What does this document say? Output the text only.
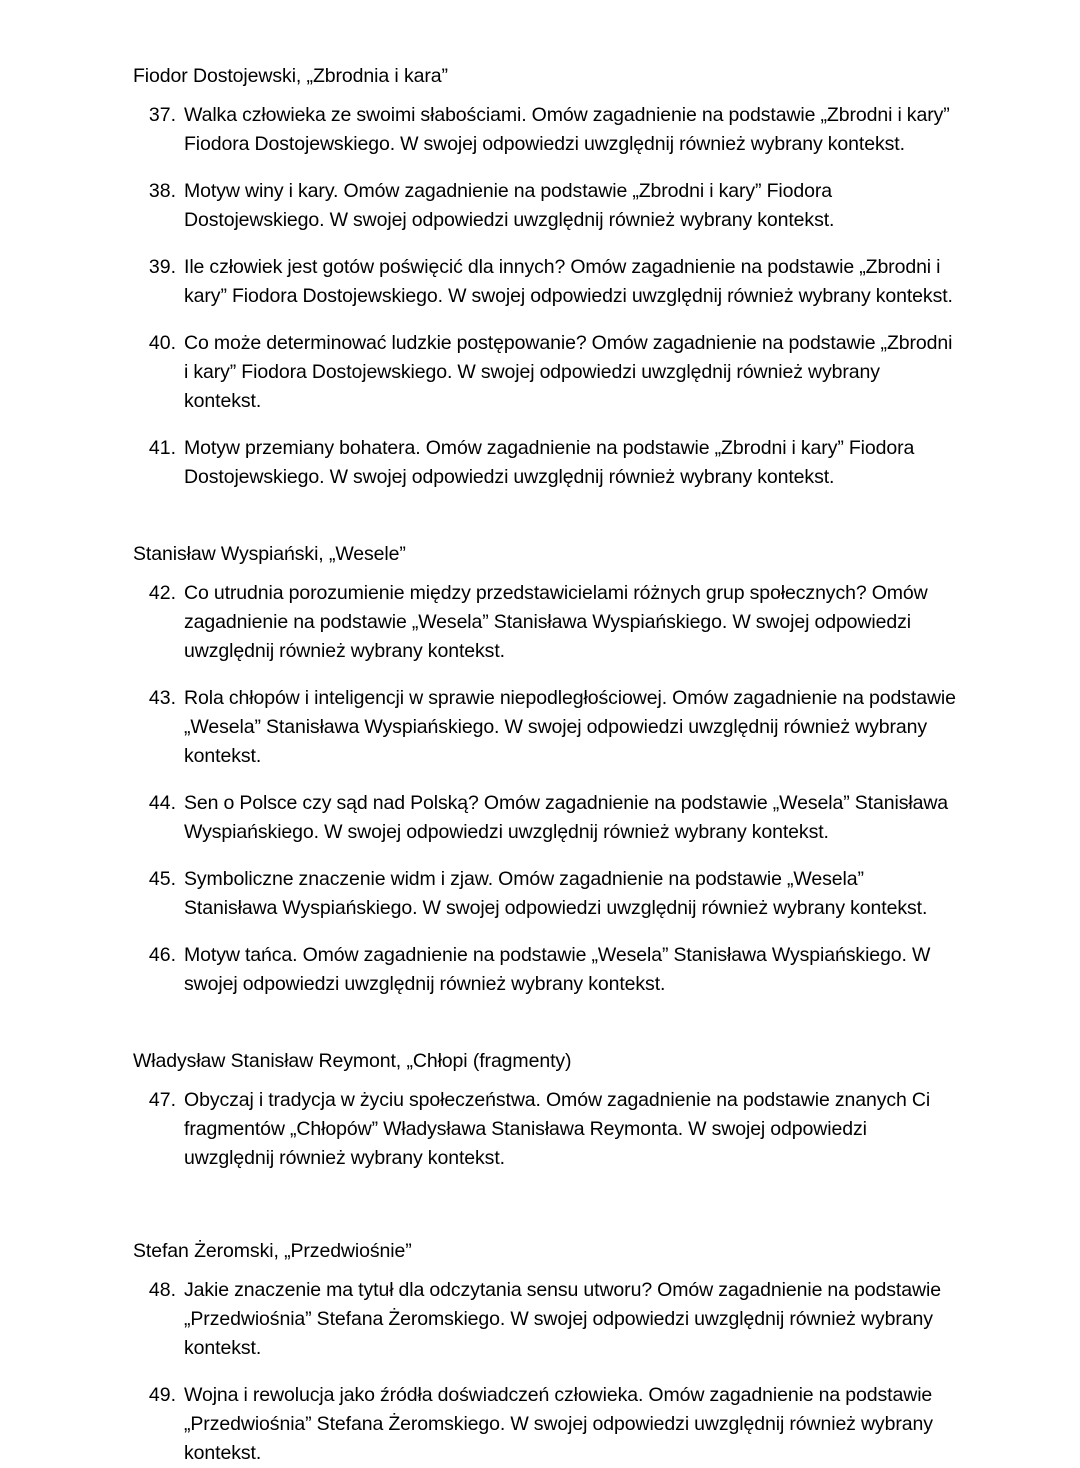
Fiodor Dostojewski, „Zbrodnia i kara”

37. Walka człowieka ze swoimi słabościami. Omów zagadnienie na podstawie „Zbrodni i kary” Fiodora Dostojewskiego. W swojej odpowiedzi uwzględnij również wybrany kontekst.
38. Motyw winy i kary. Omów zagadnienie na podstawie „Zbrodni i kary” Fiodora Dostojewskiego. W swojej odpowiedzi uwzględnij również wybrany kontekst.
39. Ile człowiek jest gotów poświęcić dla innych? Omów zagadnienie na podstawie „Zbrodni i kary” Fiodora Dostojewskiego. W swojej odpowiedzi uwzględnij również wybrany kontekst.
40. Co może determinować ludzkie postępowanie? Omów zagadnienie na podstawie „Zbrodni i kary” Fiodora Dostojewskiego. W swojej odpowiedzi uwzględnij również wybrany kontekst.
41. Motyw przemiany bohatera. Omów zagadnienie na podstawie „Zbrodni i kary” Fiodora Dostojewskiego. W swojej odpowiedzi uwzględnij również wybrany kontekst.

Stanisław Wyspiański, „Wesele”

42. Co utrudnia porozumienie między przedstawicielami różnych grup społecznych? Omów zagadnienie na podstawie „Wesela” Stanisława Wyspiańskiego. W swojej odpowiedzi uwzględnij również wybrany kontekst.
43. Rola chłopów i inteligencji w sprawie niepodległościowej. Omów zagadnienie na podstawie „Wesela” Stanisława Wyspiańskiego. W swojej odpowiedzi uwzględnij również wybrany kontekst.
44. Sen o Polsce czy sąd nad Polską? Omów zagadnienie na podstawie „Wesela” Stanisława Wyspiańskiego. W swojej odpowiedzi uwzględnij również wybrany kontekst.
45. Symboliczne znaczenie widm i zjaw. Omów zagadnienie na podstawie „Wesela” Stanisława Wyspiańskiego. W swojej odpowiedzi uwzględnij również wybrany kontekst.
46. Motyw tańca. Omów zagadnienie na podstawie „Wesela” Stanisława Wyspiańskiego. W swojej odpowiedzi uwzględnij również wybrany kontekst.

Władysław Stanisław Reymont, „Chłopi (fragmenty)

47. Obyczaj i tradycja w życiu społeczeństwa. Omów zagadnienie na podstawie znanych Ci fragmentów „Chłopów” Władysława Stanisława Reymonta. W swojej odpowiedzi uwzględnij również wybrany kontekst.

Stefan Żeromski, „Przedwiośnie”

48. Jakie znaczenie ma tytuł dla odczytania sensu utworu? Omów zagadnienie na podstawie „Przedwiośnia” Stefana Żeromskiego. W swojej odpowiedzi uwzględnij również wybrany kontekst.
49. Wojna i rewolucja jako źródła doświadczeń człowieka. Omów zagadnienie na podstawie „Przedwiośnia” Stefana Żeromskiego. W swojej odpowiedzi uwzględnij również wybrany kontekst.
